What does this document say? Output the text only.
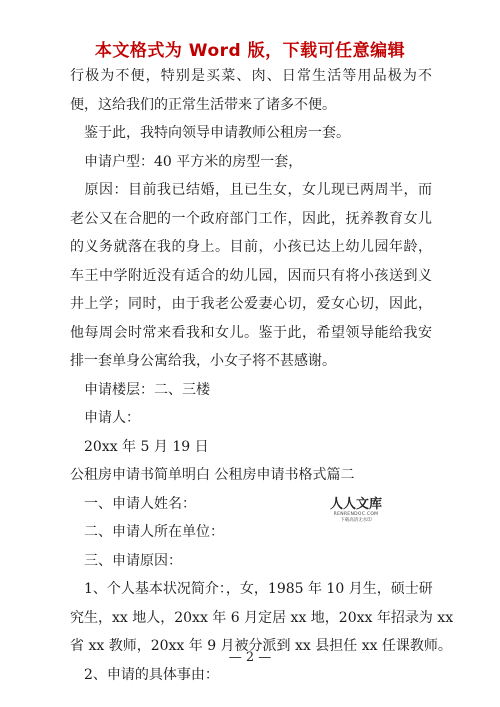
本文格式为 Word 版，下载可任意编辑
行极为不便，特别是买菜、肉、日常生活等用品极为不
便，这给我们的正常生活带来了诸多不便。
　鉴于此，我特向领导申请教师公租房一套。
　申请户型：40 平方米的房型一套，
　原因：目前我已结婚，且已生女，女儿现已两周半，而
老公又在合肥的一个政府部门工作，因此，抚养教育女儿
的义务就落在我的身上。目前，小孩已达上幼儿园年龄，
车王中学附近没有适合的幼儿园，因而只有将小孩送到义
井上学；同时，由于我老公爱妻心切，爱女心切，因此，
他每周会时常来看我和女儿。鉴于此，希望领导能给我安
排一套单身公寓给我，小女子将不甚感谢。
　申请楼层：二、三楼
　申请人：
　20xx 年 5 月 19 日
公租房申请书简单明白 公租房申请书格式篇二
　一、申请人姓名：
　二、申请人所在单位：
　三、申请原因：
　1、个人基本状况简介：，女，1985 年 10 月生，硕士研
究生，xx 地人，20xx 年 6 月定居 xx 地，20xx 年招录为 xx
省 xx 教师，20xx 年 9 月被分派到 xx 县担任 xx 任课教师。
　2、申请的具体事由：
人人文库
RENRENDOC.COM
下载高清无水印
— 2 —
